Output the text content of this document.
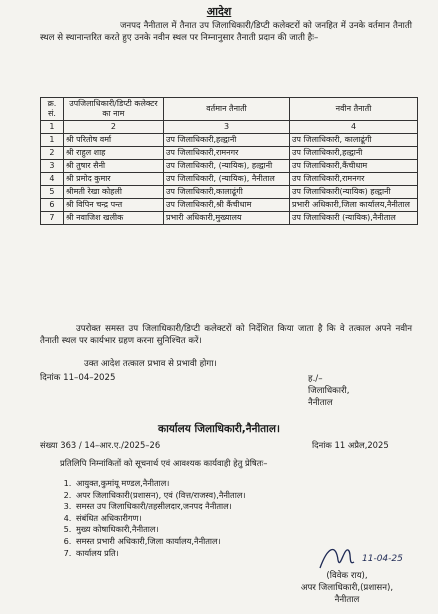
आदेश
जनपद नैनीताल में तैनात उप जिलाधिकारी/डिप्टी कलेक्टरों को जनहित में उनके वर्तमान तैनाती स्थल से स्थानान्तरित करते हुए उनके नवीन स्थल पर निम्नानुसार तैनाती प्रदान की जाती हैः–
क्र. सं.	उपजिलाधिकारी/डिप्टी कलेक्टर का नाम	वर्तमान तैनाती	नवीन तैनाती
1	2	3	4
1	श्री परितोष वर्मा	उप जिलाधिकारी,हल्द्वानी	उप जिलाधिकारी, कालाढूंगी
2	श्री राहुल शाह	उप जिलाधिकारी,रामनगर	उप जिलाधिकारी,हल्द्वानी
3	श्री तुषार सैनी	उप जिलाधिकारी, (न्यायिक), हल्द्वानी	उप जिलाधिकारी,कैंचीधाम
4	श्री प्रमोद कुमार	उप जिलाधिकारी, (न्यायिक), नैनीताल	उप जिलाधिकारी,रामनगर
5	श्रीमती रेखा कोहली	उप जिलाधिकारी,कालाढूंगी	उप जिलाधिकारी(न्यायिक) हल्द्वानी
6	श्री विपिन चन्द्र पन्त	उप जिलाधिकारी,श्री कैंचीधाम	प्रभारी अधिकारी,जिला कार्यालय,नैनीताल
7	श्री नवाजिश खलीक	प्रभारी अधिकारी,मुख्यालय	उप जिलाधिकारी (न्यायिक),नैनीताल
उपरोक्त समस्त उप जिलाधिकारी/डिप्टी कलेक्टरों को निर्देशित किया जाता है कि वे तत्काल अपने नवीन तैनाती स्थल पर कार्यभार ग्रहण करना सुनिश्चित करें।
उक्त आदेश तत्काल प्रभाव से प्रभावी होगा।
दिनांक 11–04–2025	ह./–
जिलाधिकारी,
नैनीताल
कार्यालय जिलाधिकारी,नैनीताल।
संख्या 363 / 14–आर.ए./2025–26	दिनांक 11 अप्रैल,2025
प्रतिलिपि निम्नांकितों को सूचनार्थ एवं आवश्यक कार्यवाही हेतु प्रेषितः–
1. आयुक्त,कुमांयू मण्डल,नैनीताल।
2. अपर जिलाधिकारी(प्रशासन), एवं (वित्त/राजस्व),नैनीताल।
3. समस्त उप जिलाधिकारी/तहसीलदार,जनपद नैनीताल।
4. संबंधित अधिकारीगण।
5. मुख्य कोषाधिकारी,नैनीताल।
6. समस्त प्रभारी अधिकारी,जिला कार्यालय,नैनीताल।
7. कार्यालय प्रति।
11-04-25
(विवेक राय),
अपर जिलाधिकारी,(प्रशासन),
नैनीताल
